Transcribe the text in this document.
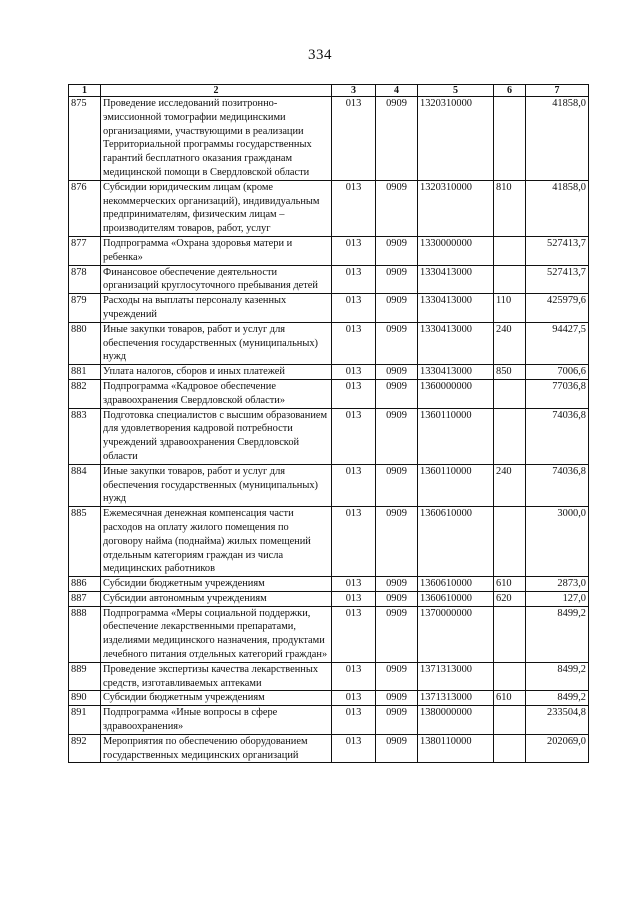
334
1	2	3	4	5	6	7
875	Проведение исследований позитронно-эмиссионной томографии медицинскими организациями, участвующими в реализации Территориальной программы государственных гарантий бесплатного оказания гражданам медицинской помощи в Свердловской области	013	0909	1320310000		41858,0
876	Субсидии юридическим лицам (кроме некоммерческих организаций), индивидуальным предпринимателям, физическим лицам – производителям товаров, работ, услуг	013	0909	1320310000	810	41858,0
877	Подпрограмма «Охрана здоровья матери и ребенка»	013	0909	1330000000		527413,7
878	Финансовое обеспечение деятельности организаций круглосуточного пребывания детей	013	0909	1330413000		527413,7
879	Расходы на выплаты персоналу казенных учреждений	013	0909	1330413000	110	425979,6
880	Иные закупки товаров, работ и услуг для обеспечения государственных (муниципальных) нужд	013	0909	1330413000	240	94427,5
881	Уплата налогов, сборов и иных платежей	013	0909	1330413000	850	7006,6
882	Подпрограмма «Кадровое обеспечение здравоохранения Свердловской области»	013	0909	1360000000		77036,8
883	Подготовка специалистов с высшим образованием для удовлетворения кадровой потребности учреждений здравоохранения Свердловской области	013	0909	1360110000		74036,8
884	Иные закупки товаров, работ и услуг для обеспечения государственных (муниципальных) нужд	013	0909	1360110000	240	74036,8
885	Ежемесячная денежная компенсация части расходов на оплату жилого помещения по договору найма (поднайма) жилых помещений отдельным категориям граждан из числа медицинских работников	013	0909	1360610000		3000,0
886	Субсидии бюджетным учреждениям	013	0909	1360610000	610	2873,0
887	Субсидии автономным учреждениям	013	0909	1360610000	620	127,0
888	Подпрограмма «Меры социальной поддержки, обеспечение лекарственными препаратами, изделиями медицинского назначения, продуктами лечебного питания отдельных категорий граждан»	013	0909	1370000000		8499,2
889	Проведение экспертизы качества лекарственных средств, изготавливаемых аптеками	013	0909	1371313000		8499,2
890	Субсидии бюджетным учреждениям	013	0909	1371313000	610	8499,2
891	Подпрограмма «Иные вопросы в сфере здравоохранения»	013	0909	1380000000		233504,8
892	Мероприятия по обеспечению оборудованием государственных медицинских организаций	013	0909	1380110000		202069,0
